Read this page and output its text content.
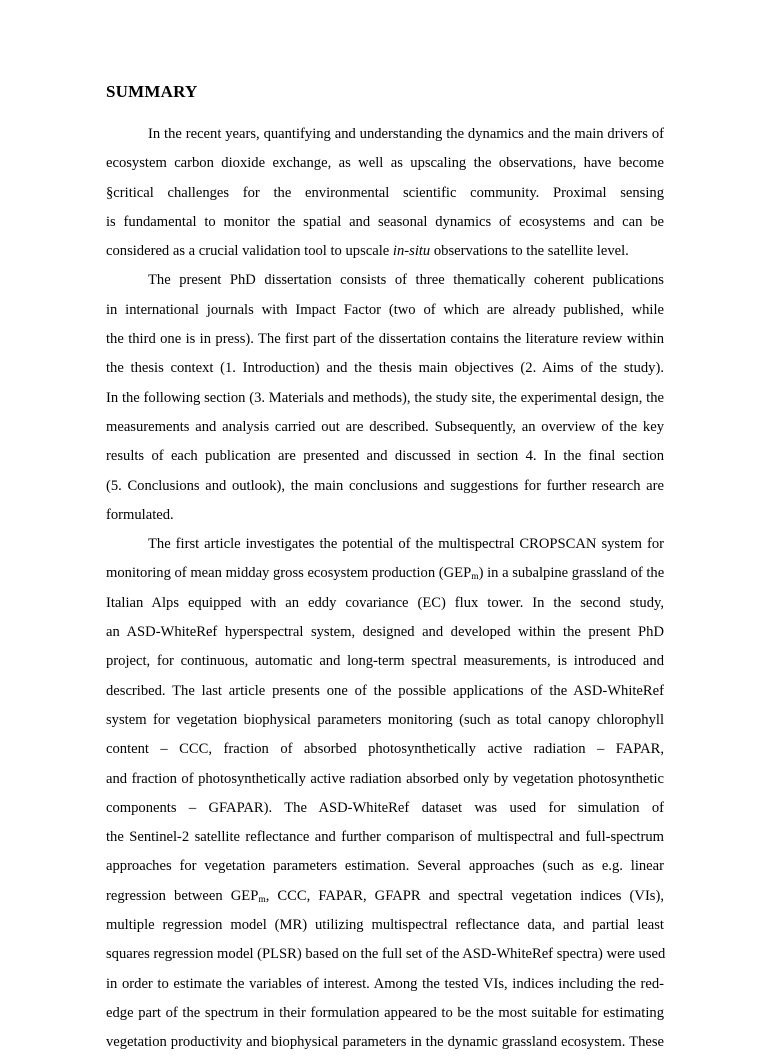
SUMMARY
In the recent years, quantifying and understanding the dynamics and the main drivers of
ecosystem carbon dioxide exchange, as well as upscaling the observations, have become
§critical challenges for the environmental scientific community. Proximal sensing
is fundamental to monitor the spatial and seasonal dynamics of ecosystems and can be
considered as a crucial validation tool to upscale in-situ observations to the satellite level.
The present PhD dissertation consists of three thematically coherent publications
in international journals with Impact Factor (two of which are already published, while
the third one is in press). The first part of the dissertation contains the literature review within
the thesis context (1. Introduction) and the thesis main objectives (2. Aims of the study).
In the following section (3. Materials and methods), the study site, the experimental design, the
measurements and analysis carried out are described. Subsequently, an overview of the key
results of each publication are presented and discussed in section 4. In the final section
(5. Conclusions and outlook), the main conclusions and suggestions for further research are
formulated.
The first article investigates the potential of the multispectral CROPSCAN system for
monitoring of mean midday gross ecosystem production $(GEP_m)$ in a subalpine grassland of the
Italian Alps equipped with an eddy covariance (EC) flux tower. In the second study,
an ASD-WhiteRef hyperspectral system, designed and developed within the present PhD
project, for continuous, automatic and long-term spectral measurements, is introduced and
described. The last article presents one of the possible applications of the ASD-WhiteRef
system for vegetation biophysical parameters monitoring (such as total canopy chlorophyll
content – CCC, fraction of absorbed photosynthetically active radiation – FAPAR,
and fraction of photosynthetically active radiation absorbed only by vegetation photosynthetic
components – GFAPAR). The ASD-WhiteRef dataset was used for simulation of
the Sentinel-2 satellite reflectance and further comparison of multispectral and full-spectrum
approaches for vegetation parameters estimation. Several approaches (such as e.g. linear
regression between $GEP_m$, CCC, FAPAR, GFAPR and spectral vegetation indices (VIs),
multiple regression model (MR) utilizing multispectral reflectance data, and partial least
squares regression model (PLSR) based on the full set of the ASD-WhiteRef spectra) were used
in order to estimate the variables of interest. Among the tested VIs, indices including the red-
edge part of the spectrum in their formulation appeared to be the most suitable for estimating
vegetation productivity and biophysical parameters in the dynamic grassland ecosystem. These
